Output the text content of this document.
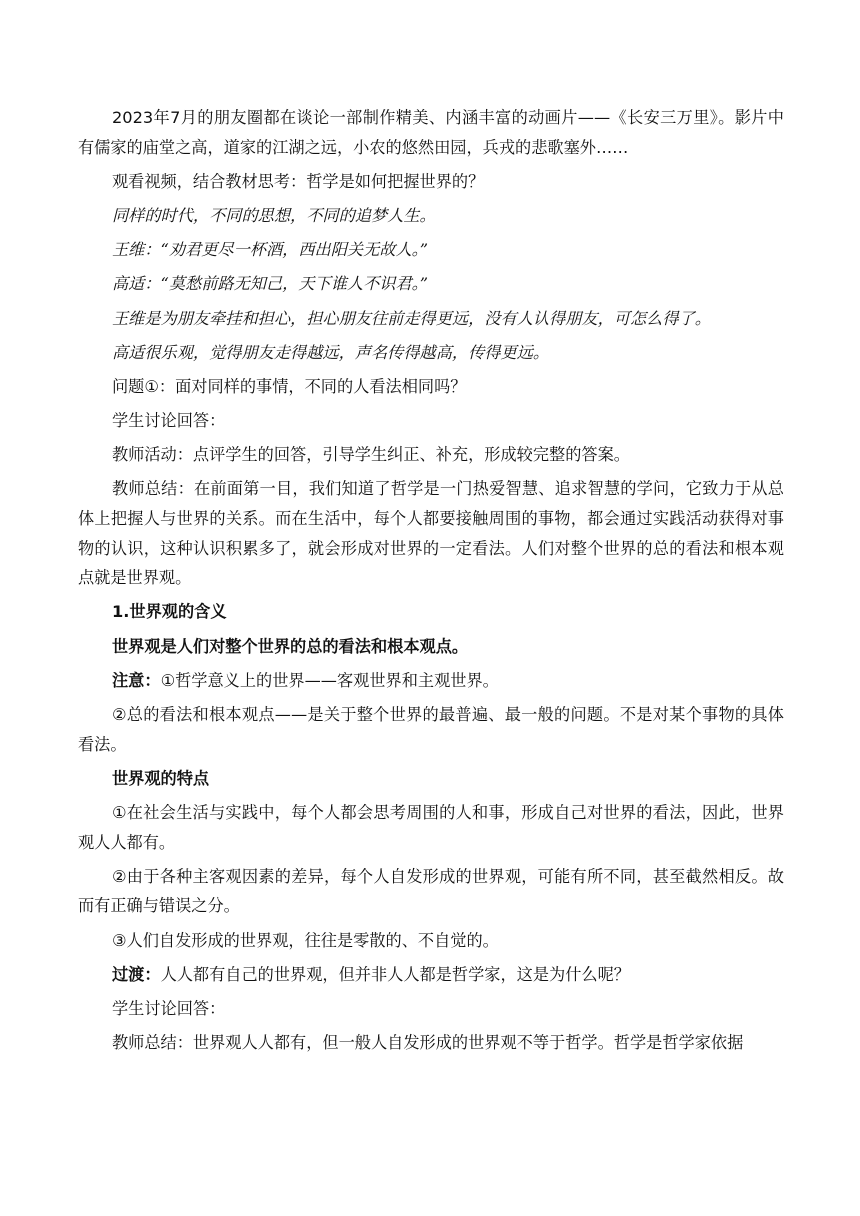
2023年7月的朋友圈都在谈论一部制作精美、内涵丰富的动画片——《长安三万里》。影片中有儒家的庙堂之高，道家的江湖之远，小农的悠然田园，兵戎的悲歌塞外……

观看视频，结合教材思考：哲学是如何把握世界的？

同样的时代，不同的思想，不同的追梦人生。

王维：“劝君更尽一杯酒，西出阳关无故人。”

高适：“莫愁前路无知己，天下谁人不识君。”

王维是为朋友牵挂和担心，担心朋友往前走得更远，没有人认得朋友，可怎么得了。

高适很乐观，觉得朋友走得越远，声名传得越高，传得更远。

问题①：面对同样的事情，不同的人看法相同吗？

学生讨论回答：

教师活动：点评学生的回答，引导学生纠正、补充，形成较完整的答案。

教师总结：在前面第一目，我们知道了哲学是一门热爱智慧、追求智慧的学问，它致力于从总体上把握人与世界的关系。而在生活中，每个人都要接触周围的事物，都会通过实践活动获得对事物的认识，这种认识积累多了，就会形成对世界的一定看法。人们对整个世界的总的看法和根本观点就是世界观。

1.世界观的含义

世界观是人们对整个世界的总的看法和根本观点。

注意：①哲学意义上的世界——客观世界和主观世界。

②总的看法和根本观点——是关于整个世界的最普遍、最一般的问题。不是对某个事物的具体看法。

世界观的特点

①在社会生活与实践中，每个人都会思考周围的人和事，形成自己对世界的看法，因此，世界观人人都有。

②由于各种主客观因素的差异，每个人自发形成的世界观，可能有所不同，甚至截然相反。故而有正确与错误之分。

③人们自发形成的世界观，往往是零散的、不自觉的。

过渡：人人都有自己的世界观，但并非人人都是哲学家，这是为什么呢？

学生讨论回答：

教师总结：世界观人人都有，但一般人自发形成的世界观不等于哲学。哲学是哲学家依据
